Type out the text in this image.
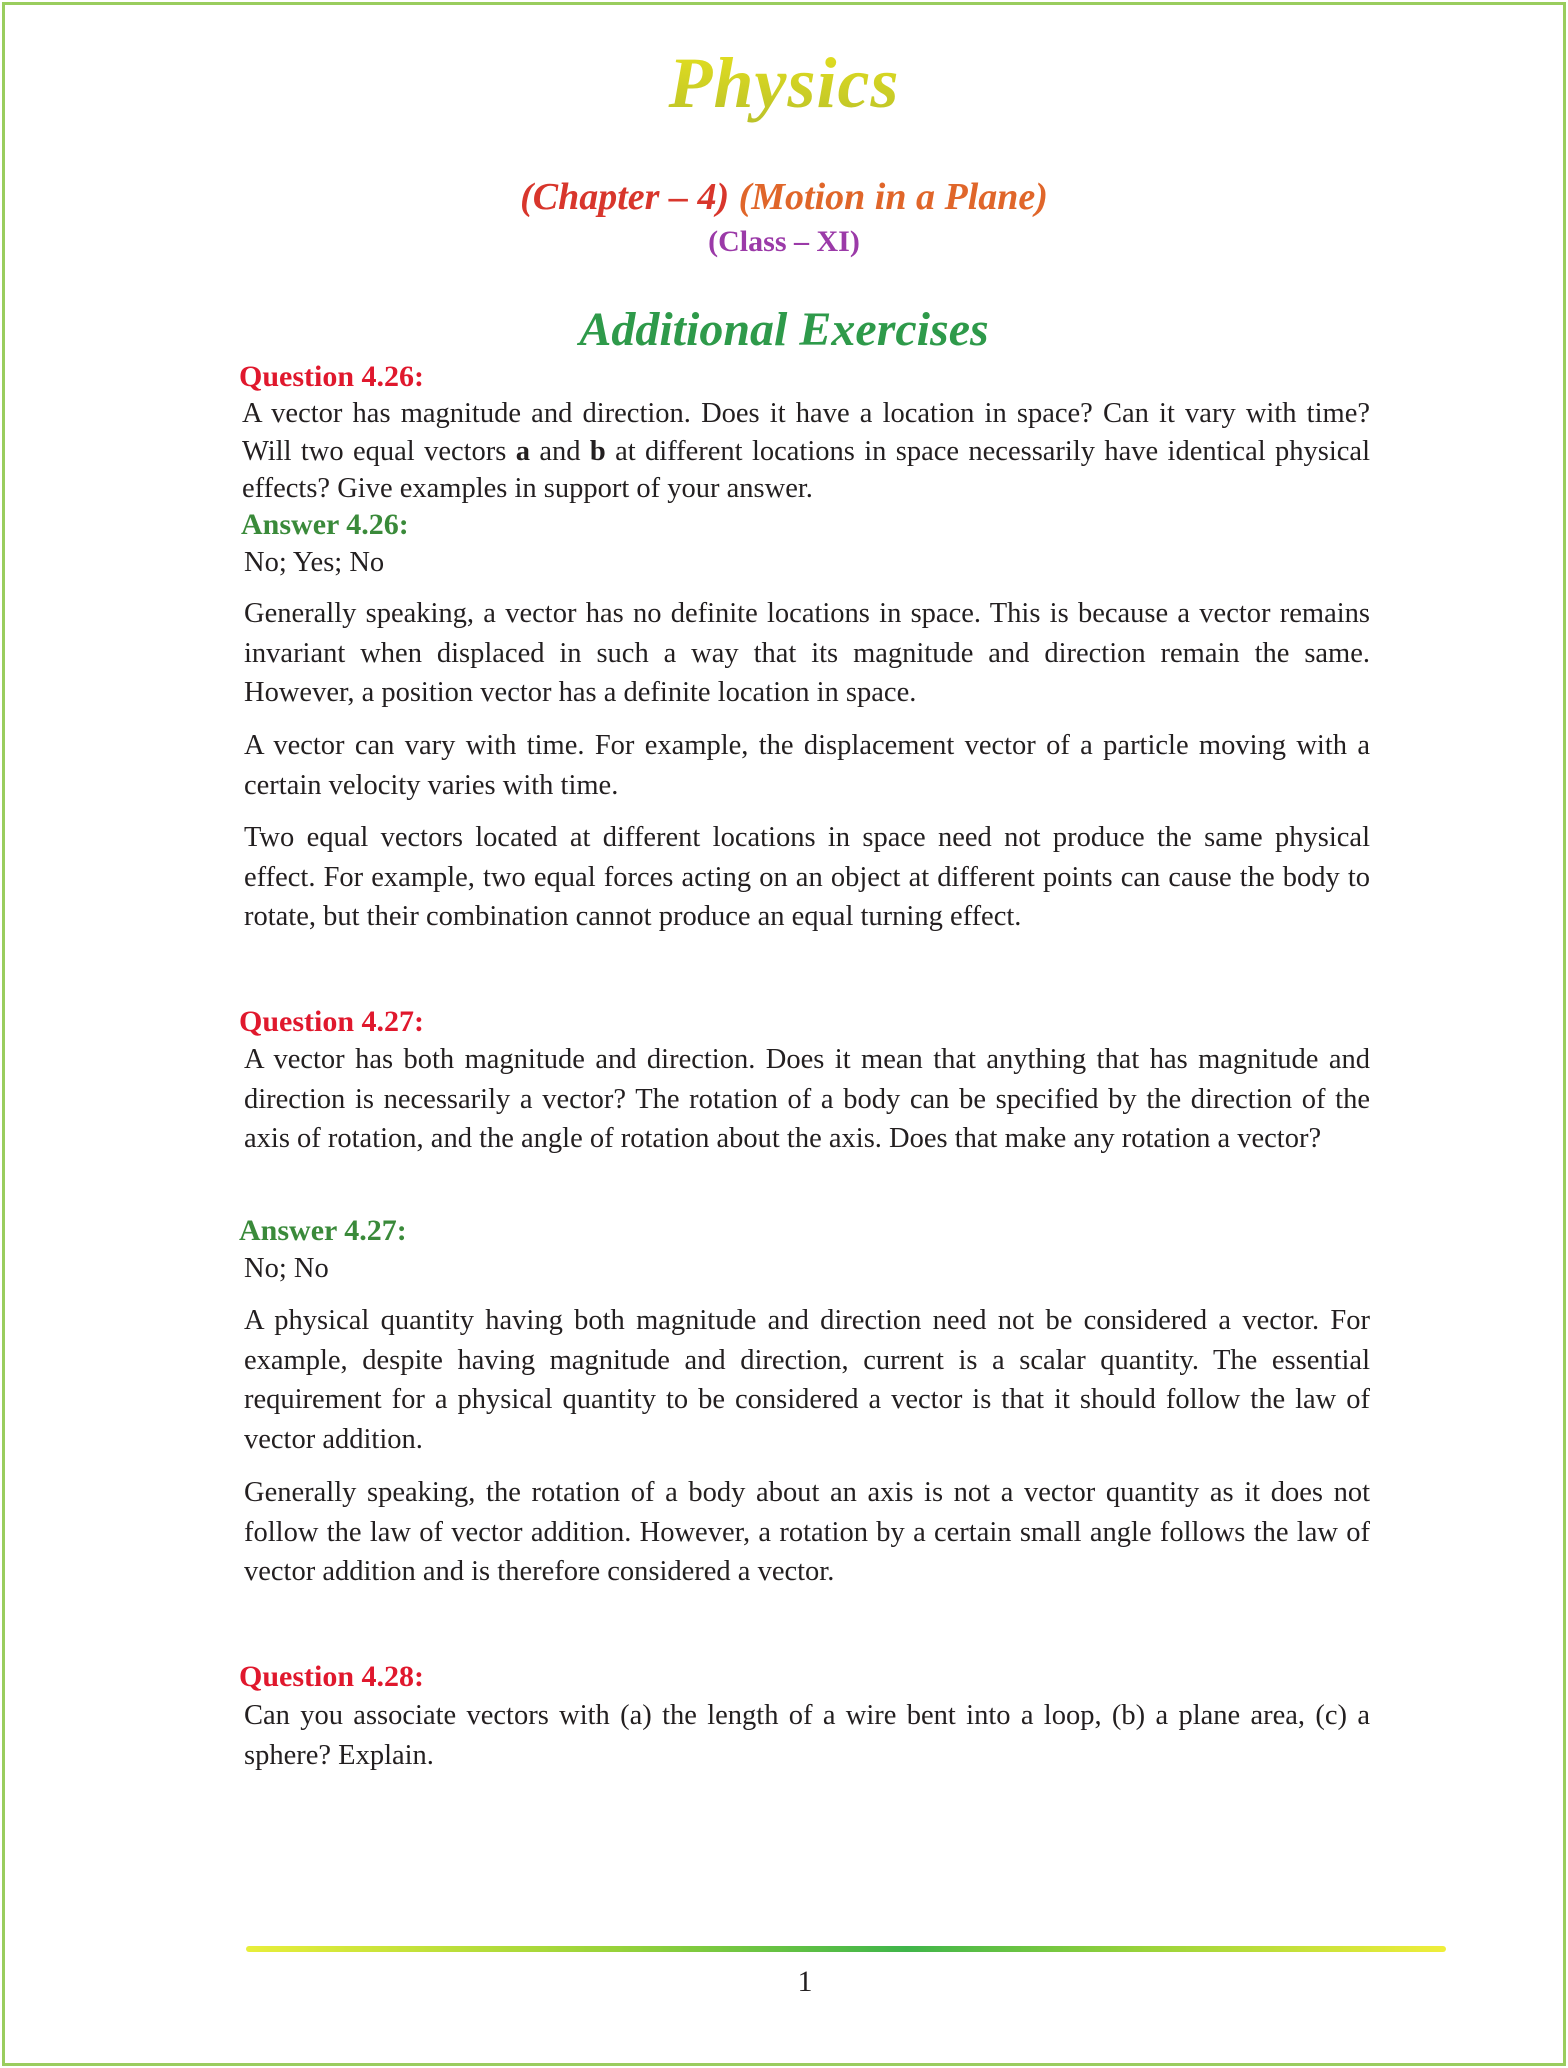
Physics
(Chapter – 4) (Motion in a Plane)
(Class – XI)
Additional Exercises
Question 4.26:
A vector has magnitude and direction. Does it have a location in space? Can it vary with time? Will two equal vectors a and b at different locations in space necessarily have identical physical effects? Give examples in support of your answer.
Answer 4.26:
No; Yes; No
Generally speaking, a vector has no definite locations in space. This is because a vector remains invariant when displaced in such a way that its magnitude and direction remain the same. However, a position vector has a definite location in space.
A vector can vary with time. For example, the displacement vector of a particle moving with a certain velocity varies with time.
Two equal vectors located at different locations in space need not produce the same physical effect. For example, two equal forces acting on an object at different points can cause the body to rotate, but their combination cannot produce an equal turning effect.
Question 4.27:
A vector has both magnitude and direction. Does it mean that anything that has magnitude and direction is necessarily a vector? The rotation of a body can be specified by the direction of the axis of rotation, and the angle of rotation about the axis. Does that make any rotation a vector?
Answer 4.27:
No; No
A physical quantity having both magnitude and direction need not be considered a vector. For example, despite having magnitude and direction, current is a scalar quantity. The essential requirement for a physical quantity to be considered a vector is that it should follow the law of vector addition.
Generally speaking, the rotation of a body about an axis is not a vector quantity as it does not follow the law of vector addition. However, a rotation by a certain small angle follows the law of vector addition and is therefore considered a vector.
Question 4.28:
Can you associate vectors with (a) the length of a wire bent into a loop, (b) a plane area, (c) a sphere? Explain.
1
